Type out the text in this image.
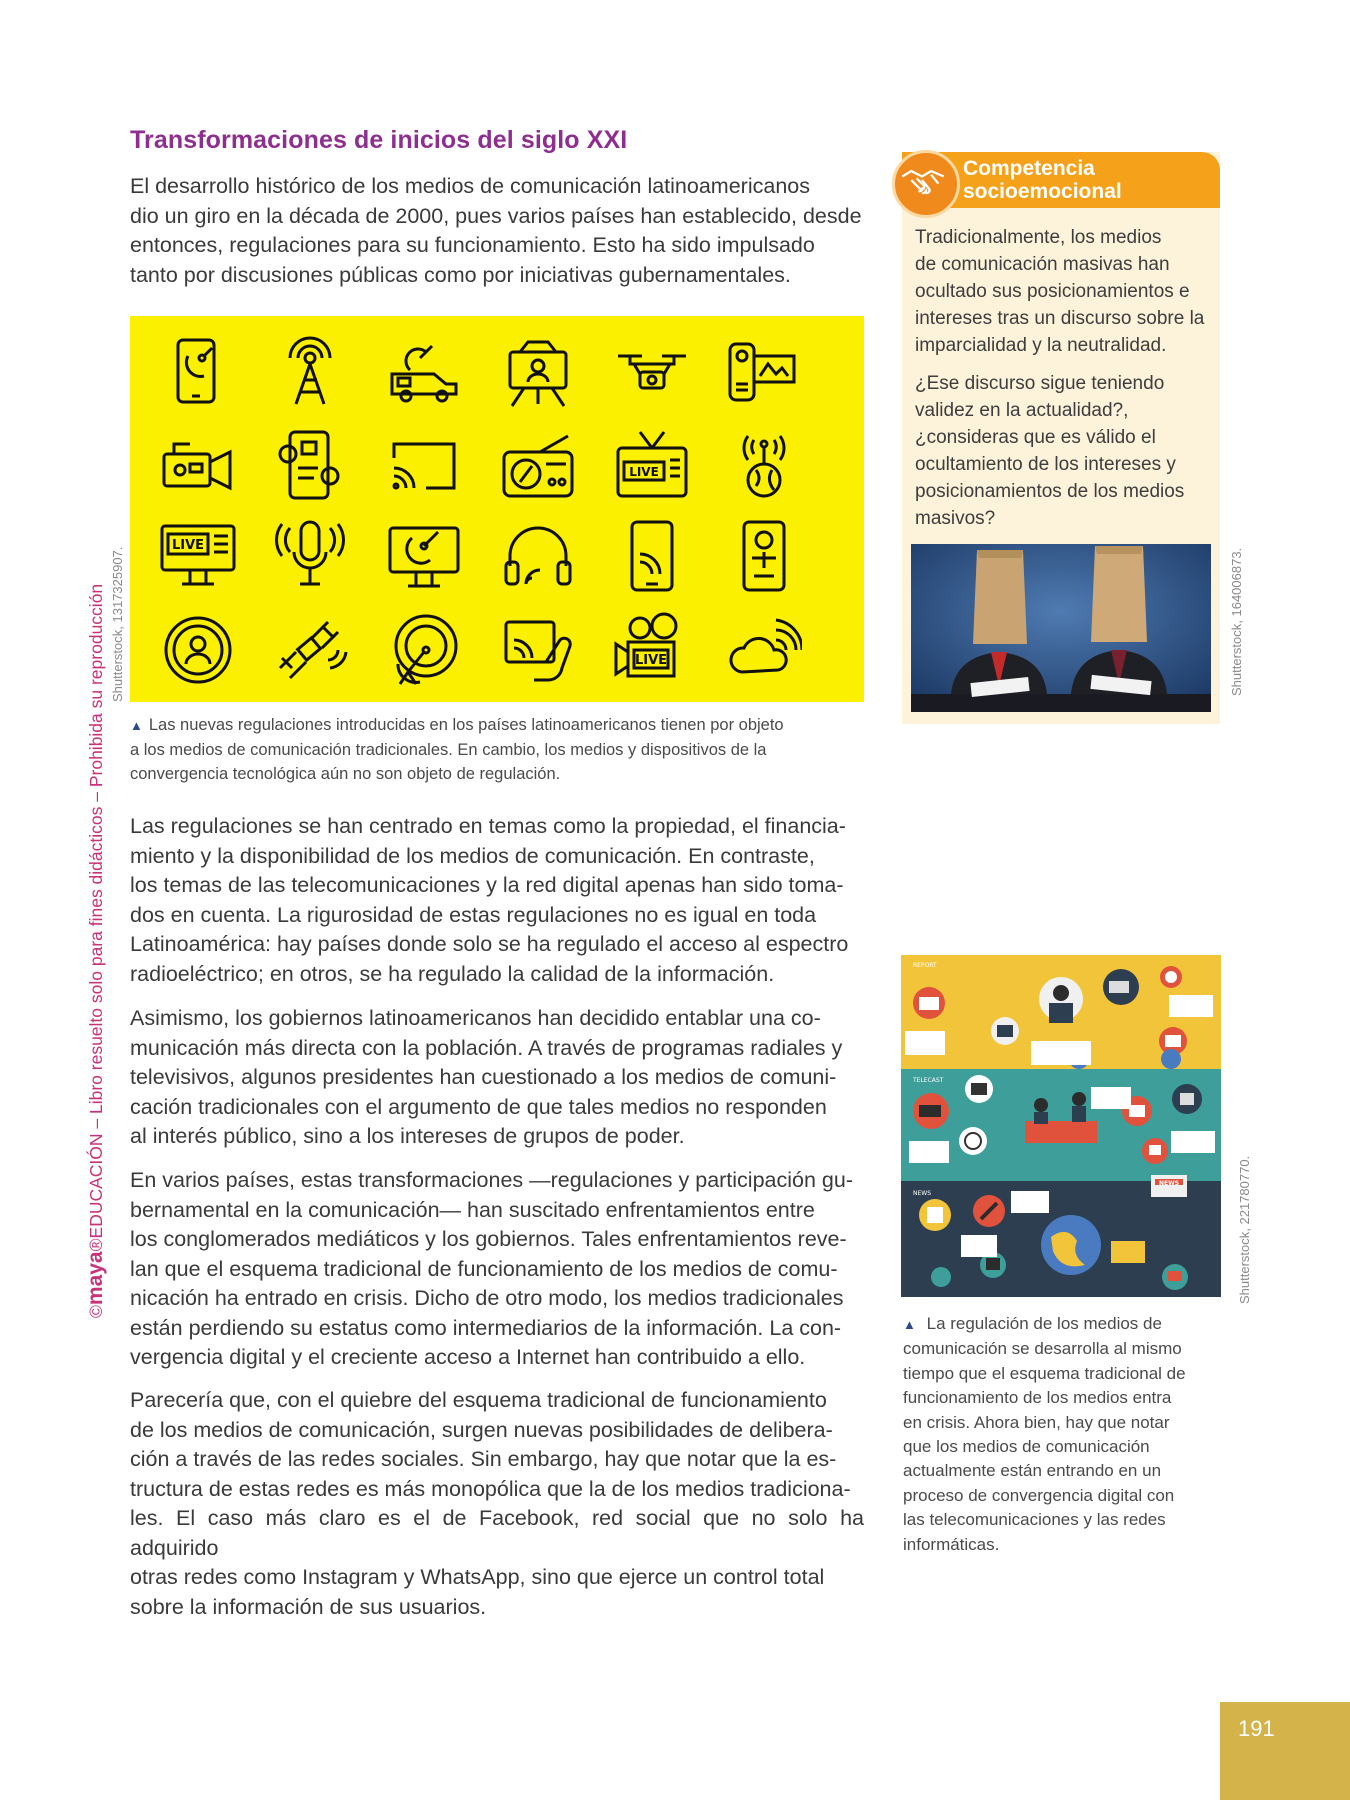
Transformaciones de inicios del siglo XXI
El desarrollo histórico de los medios de comunicación latinoamericanos
dio un giro en la década de 2000, pues varios países han establecido, desde
entonces, regulaciones para su funcionamiento. Esto ha sido impulsado
tanto por discusiones públicas como por iniciativas gubernamentales.
LIVE
LIVE
LIVE
Shutterstock, 1317325907.
▲ Las nuevas regulaciones introducidas en los países latinoamericanos tienen por objeto
a los medios de comunicación tradicionales. En cambio, los medios y dispositivos de la
convergencia tecnológica aún no son objeto de regulación.
Las regulaciones se han centrado en temas como la propiedad, el financia-
miento y la disponibilidad de los medios de comunicación. En contraste,
los temas de las telecomunicaciones y la red digital apenas han sido toma-
dos en cuenta. La rigurosidad de estas regulaciones no es igual en toda
Latinoamérica: hay países donde solo se ha regulado el acceso al espectro
radioeléctrico; en otros, se ha regulado la calidad de la información.
Asimismo, los gobiernos latinoamericanos han decidido entablar una co-
municación más directa con la población. A través de programas radiales y
televisivos, algunos presidentes han cuestionado a los medios de comuni-
cación tradicionales con el argumento de que tales medios no responden
al interés público, sino a los intereses de grupos de poder.
En varios países, estas transformaciones —regulaciones y participación gu-
bernamental en la comunicación— han suscitado enfrentamientos entre
los conglomerados mediáticos y los gobiernos. Tales enfrentamientos reve-
lan que el esquema tradicional de funcionamiento de los medios de comu-
nicación ha entrado en crisis. Dicho de otro modo, los medios tradicionales
están perdiendo su estatus como intermediarios de la información. La con-
vergencia digital y el creciente acceso a Internet han contribuido a ello.
Parecería que, con el quiebre del esquema tradicional de funcionamiento
de los medios de comunicación, surgen nuevas posibilidades de delibera-
ción a través de las redes sociales. Sin embargo, hay que notar que la es-
tructura de estas redes es más monopólica que la de los medios tradiciona-
les. El caso más claro es el de Facebook, red social que no solo ha adquirido
otras redes como Instagram y WhatsApp, sino que ejerce un control total
sobre la información de sus usuarios.
Competencia
socioemocional
Tradicionalmente, los medios
de comunicación masivas han
ocultado sus posicionamientos e
intereses tras un discurso sobre la
imparcialidad y la neutralidad.
¿Ese discurso sigue teniendo
validez en la actualidad?,
¿consideras que es válido el
ocultamiento de los intereses y
posicionamientos de los medios
masivos?
Shutterstock, 164006873.
REPORT
TELECAST
NEWS
NEWS	Shutterstock, 221780770.
▲ La regulación de los medios de
comunicación se desarrolla al mismo
tiempo que el esquema tradicional de
funcionamiento de los medios entra
en crisis. Ahora bien, hay que notar
que los medios de comunicación
actualmente están entrando en un
proceso de convergencia digital con
las telecomunicaciones y las redes
informáticas.
©maya®EDUCACIÓN – Libro resuelto solo para fines didácticos – Prohibida su reproducción
191
